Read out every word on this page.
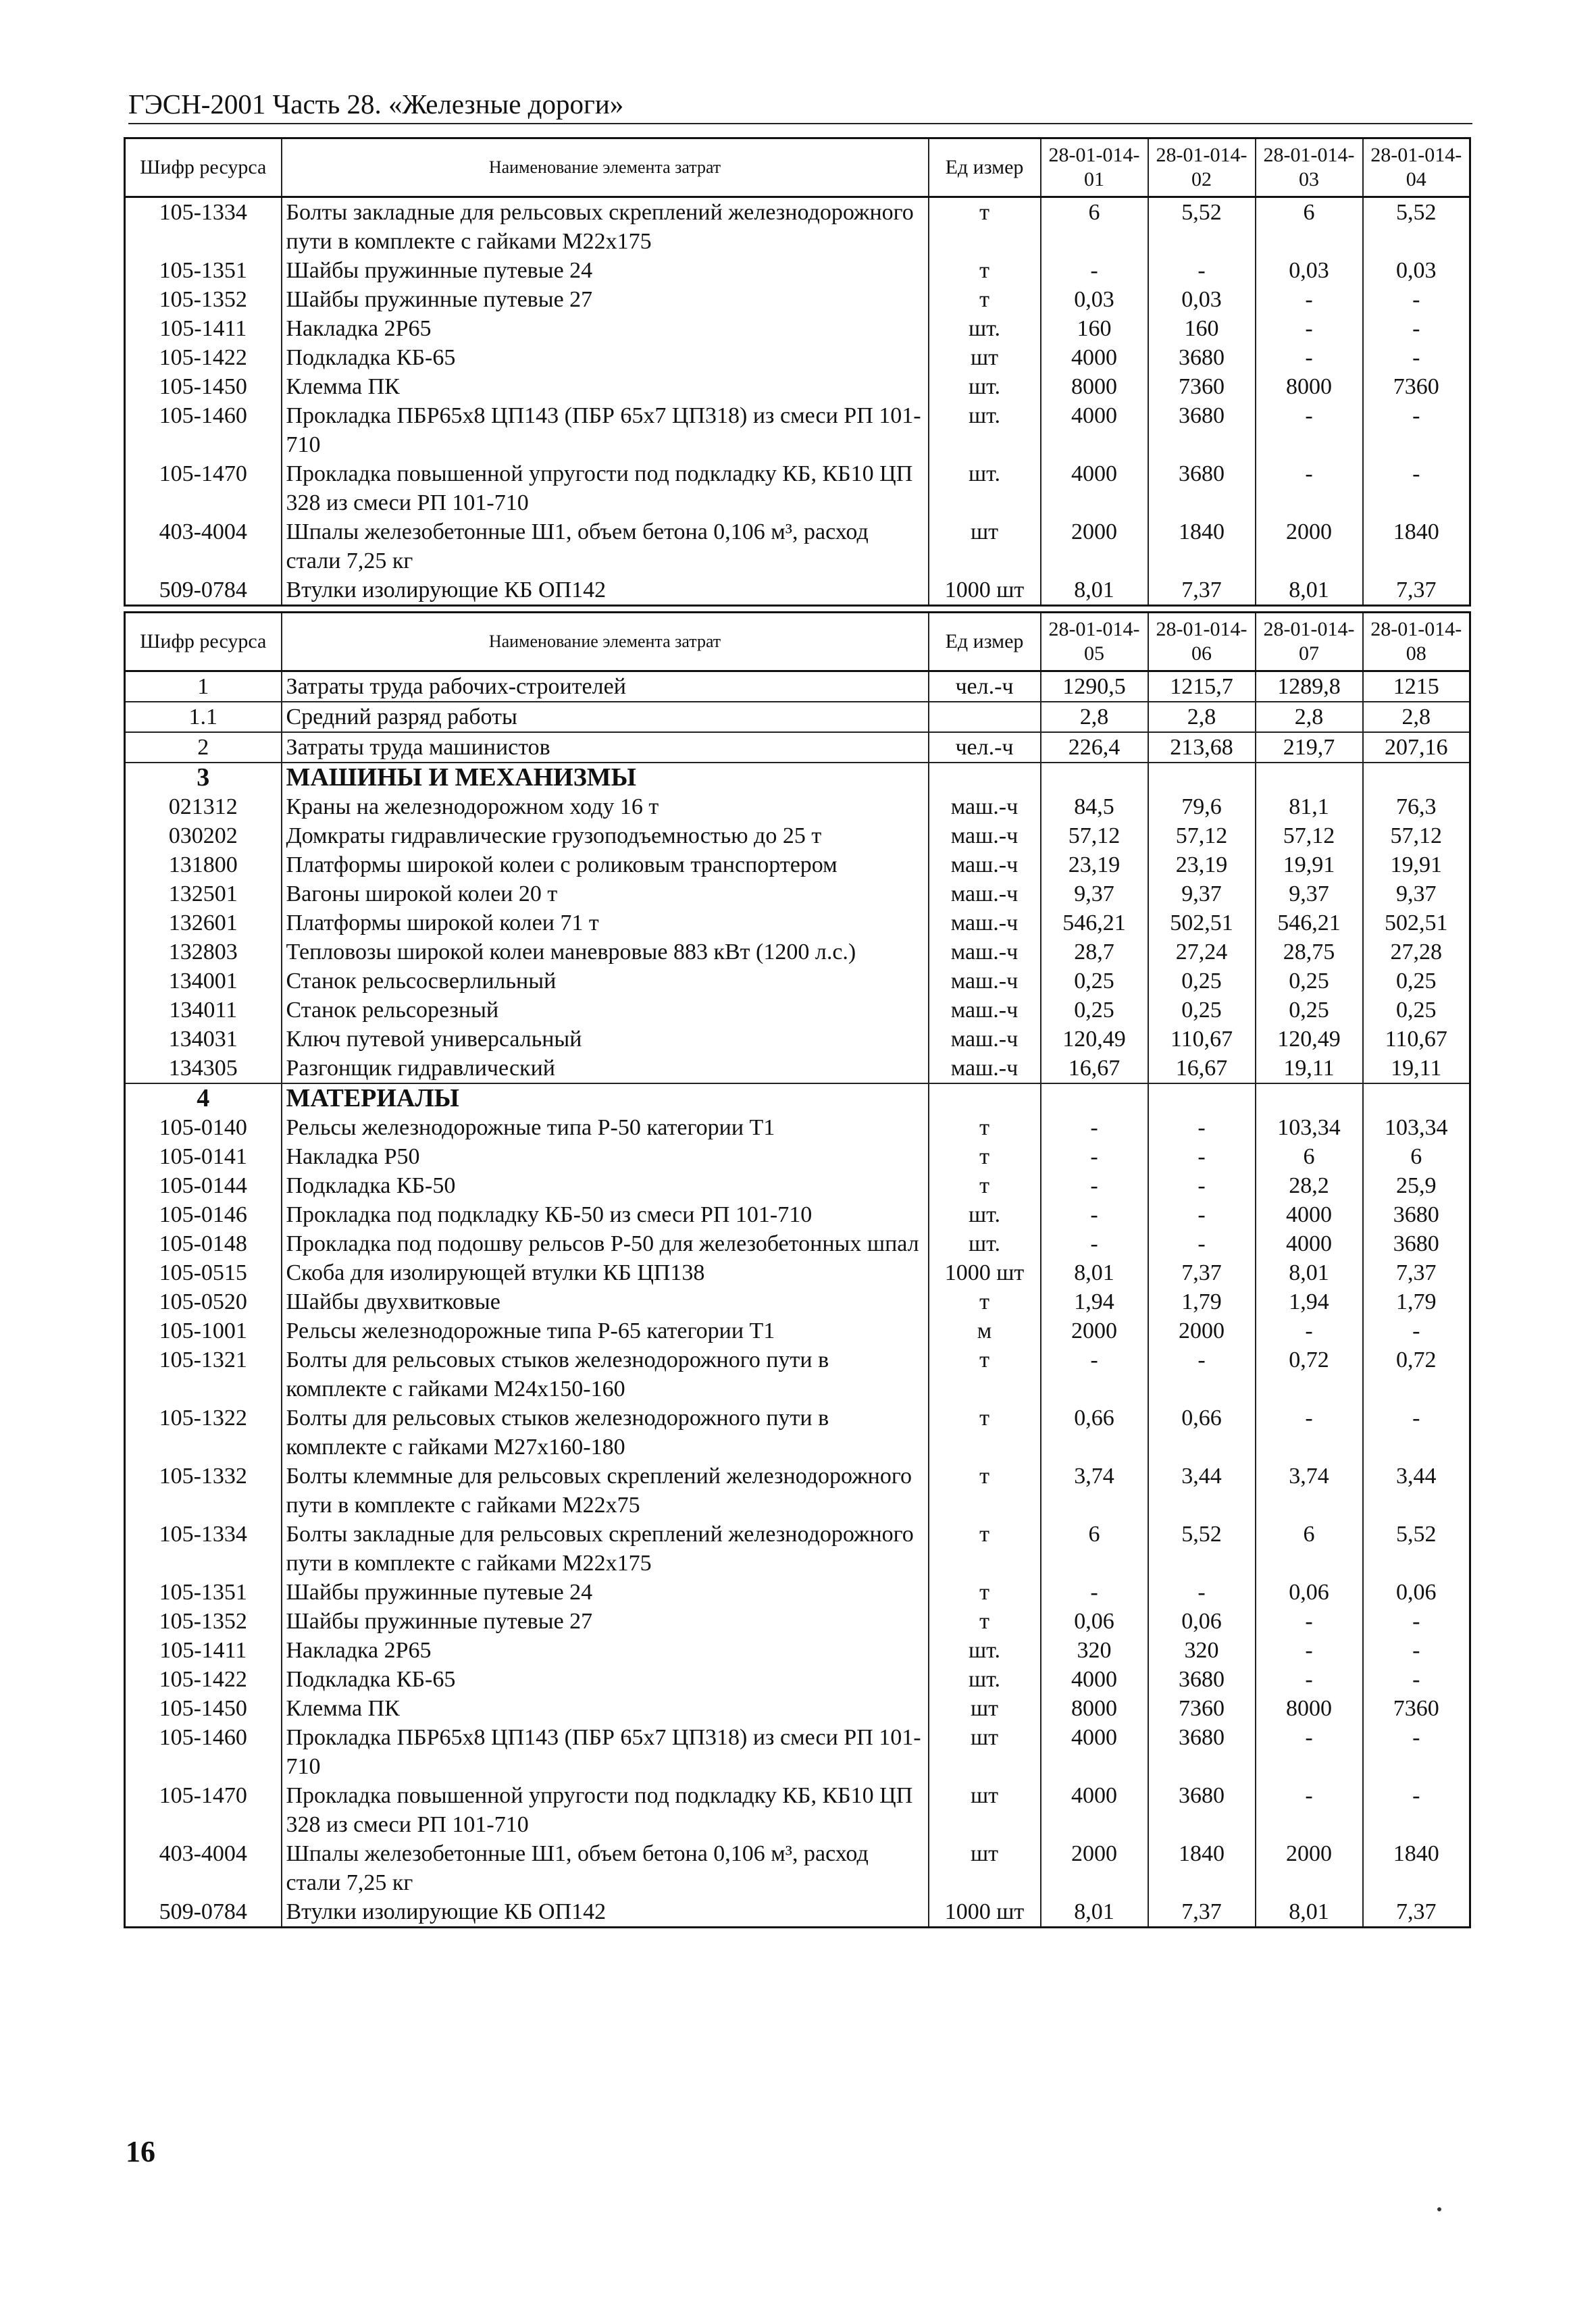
ГЭСН-2001 Часть 28. «Железные дороги»
Шифр ресурса	Наименование элемента затрат	Ед измер	28-01-014-01	28-01-014-02	28-01-014-03	28-01-014-04
105-1334	Болты закладные для рельсовых скреплений железнодорожного пути в комплекте с гайками М22х175	т	6	5,52	6	5,52
105-1351	Шайбы пружинные путевые 24	т	-	-	0,03	0,03
105-1352	Шайбы пружинные путевые 27	т	0,03	0,03	-	-
105-1411	Накладка 2Р65	шт.	160	160	-	-
105-1422	Подкладка КБ-65	шт	4000	3680	-	-
105-1450	Клемма ПК	шт.	8000	7360	8000	7360
105-1460	Прокладка ПБР65х8 ЦП143 (ПБР 65х7 ЦП318) из смеси РП 101-710	шт.	4000	3680	-	-
105-1470	Прокладка повышенной упругости под подкладку КБ, КБ10 ЦП 328 из смеси РП 101-710	шт.	4000	3680	-	-
403-4004	Шпалы железобетонные Ш1, объем бетона 0,106 м³, расход стали 7,25 кг	шт	2000	1840	2000	1840
509-0784	Втулки изолирующие КБ ОП142	1000 шт	8,01	7,37	8,01	7,37
Шифр ресурса	Наименование элемента затрат	Ед измер	28-01-014-05	28-01-014-06	28-01-014-07	28-01-014-08
1	Затраты труда рабочих-строителей	чел.-ч	1290,5	1215,7	1289,8	1215
1.1	Средний разряд работы		2,8	2,8	2,8	2,8
2	Затраты труда машинистов	чел.-ч	226,4	213,68	219,7	207,16
3	МАШИНЫ И МЕХАНИЗМЫ					
021312	Краны на железнодорожном ходу 16 т	маш.-ч	84,5	79,6	81,1	76,3
030202	Домкраты гидравлические грузоподъемностью до 25 т	маш.-ч	57,12	57,12	57,12	57,12
131800	Платформы широкой колеи с роликовым транспортером	маш.-ч	23,19	23,19	19,91	19,91
132501	Вагоны широкой колеи 20 т	маш.-ч	9,37	9,37	9,37	9,37
132601	Платформы широкой колеи 71 т	маш.-ч	546,21	502,51	546,21	502,51
132803	Тепловозы широкой колеи маневровые 883 кВт (1200 л.с.)	маш.-ч	28,7	27,24	28,75	27,28
134001	Станок рельсосверлильный	маш.-ч	0,25	0,25	0,25	0,25
134011	Станок рельсорезный	маш.-ч	0,25	0,25	0,25	0,25
134031	Ключ путевой универсальный	маш.-ч	120,49	110,67	120,49	110,67
134305	Разгонщик гидравлический	маш.-ч	16,67	16,67	19,11	19,11
4	МАТЕРИАЛЫ					
105-0140	Рельсы железнодорожные типа Р-50 категории Т1	т	-	-	103,34	103,34
105-0141	Накладка Р50	т	-	-	6	6
105-0144	Подкладка КБ-50	т	-	-	28,2	25,9
105-0146	Прокладка под подкладку КБ-50 из смеси РП 101-710	шт.	-	-	4000	3680
105-0148	Прокладка под подошву рельсов Р-50 для железобетонных шпал	шт.	-	-	4000	3680
105-0515	Скоба для изолирующей втулки КБ ЦП138	1000 шт	8,01	7,37	8,01	7,37
105-0520	Шайбы двухвитковые	т	1,94	1,79	1,94	1,79
105-1001	Рельсы железнодорожные типа Р-65 категории Т1	м	2000	2000	-	-
105-1321	Болты для рельсовых стыков железнодорожного пути в комплекте с гайками М24х150-160	т	-	-	0,72	0,72
105-1322	Болты для рельсовых стыков железнодорожного пути в комплекте с гайками М27х160-180	т	0,66	0,66	-	-
105-1332	Болты клеммные для рельсовых скреплений железнодорожного пути в комплекте с гайками М22х75	т	3,74	3,44	3,74	3,44
105-1334	Болты закладные для рельсовых скреплений железнодорожного пути в комплекте с гайками М22х175	т	6	5,52	6	5,52
105-1351	Шайбы пружинные путевые 24	т	-	-	0,06	0,06
105-1352	Шайбы пружинные путевые 27	т	0,06	0,06	-	-
105-1411	Накладка 2Р65	шт.	320	320	-	-
105-1422	Подкладка КБ-65	шт.	4000	3680	-	-
105-1450	Клемма ПК	шт	8000	7360	8000	7360
105-1460	Прокладка ПБР65х8 ЦП143 (ПБР 65х7 ЦП318) из смеси РП 101-710	шт	4000	3680	-	-
105-1470	Прокладка повышенной упругости под подкладку КБ, КБ10 ЦП 328 из смеси РП 101-710	шт	4000	3680	-	-
403-4004	Шпалы железобетонные Ш1, объем бетона 0,106 м³, расход стали 7,25 кг	шт	2000	1840	2000	1840
509-0784	Втулки изолирующие КБ ОП142	1000 шт	8,01	7,37	8,01	7,37
16
